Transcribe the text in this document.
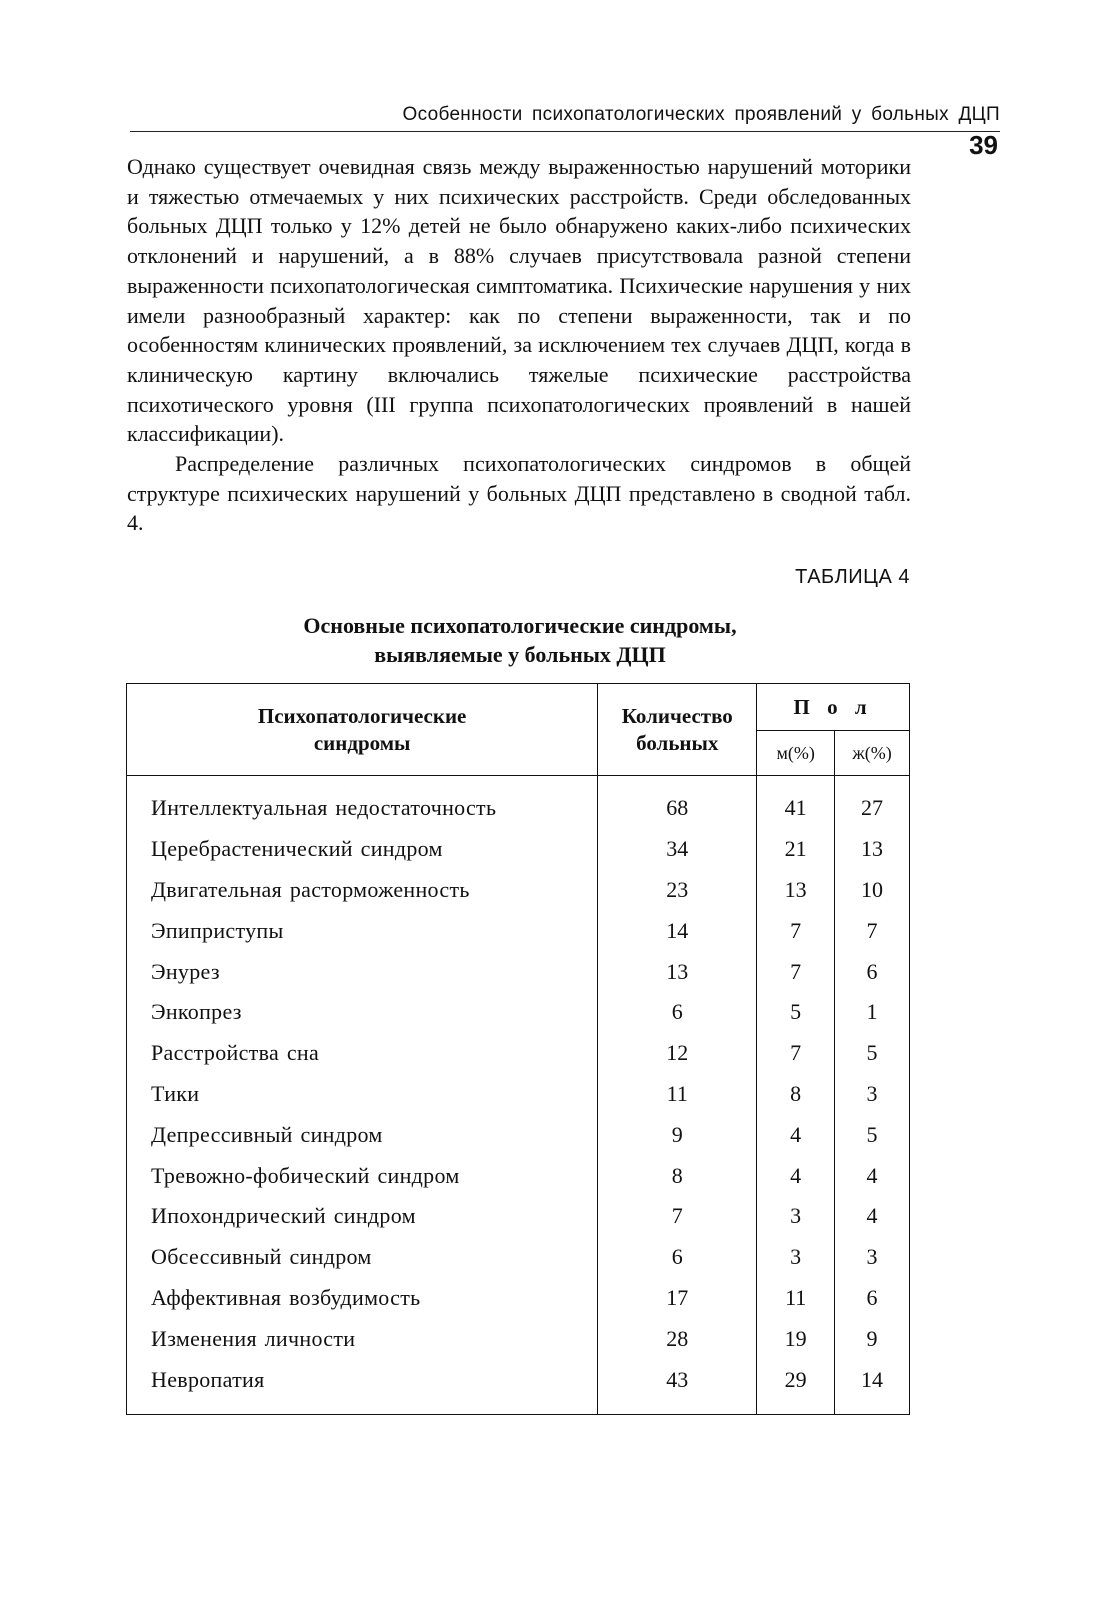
Особенности психопатологических проявлений у больных ДЦП
39

Однако существует очевидная связь между выраженностью нарушений моторики и тяжестью отмечаемых у них психических расстройств. Среди обследованных больных ДЦП только у 12% детей не было обнаружено каких-либо психических отклонений и нарушений, а в 88% случаев присутствовала разной степени выраженности психопатологическая симптоматика. Психические нарушения у них имели разнообразный характер: как по степени выраженности, так и по особенностям клинических проявлений, за исключением тех случаев ДЦП, когда в клиническую картину включались тяжелые психические расстройства психотического уровня (III группа психопатологических проявлений в нашей классификации).

Распределение различных психопатологических синдромов в общей структуре психических нарушений у больных ДЦП представлено в сводной табл. 4.

ТАБЛИЦА 4
Основные психопатологические синдромы,
выявляемые у больных ДЦП
Психопатологические синдромы	Количество больных	П о л	
		м(%)	ж(%)

Интеллектуальная недостаточность	68	41	27
Церебрастенический синдром	34	21	13
Двигательная расторможенность	23	13	10
Эпиприступы	14	7	7
Энурез	13	7	6
Энкопрез	6	5	1
Расстройства сна	12	7	5
Тики	11	8	3
Депрессивный синдром	9	4	5
Тревожно-фобический синдром	8	4	4
Ипохондрический синдром	7	3	4
Обсессивный синдром	6	3	3
Аффективная возбудимость	17	11	6
Изменения личности	28	19	9
Невропатия	43	29	14
